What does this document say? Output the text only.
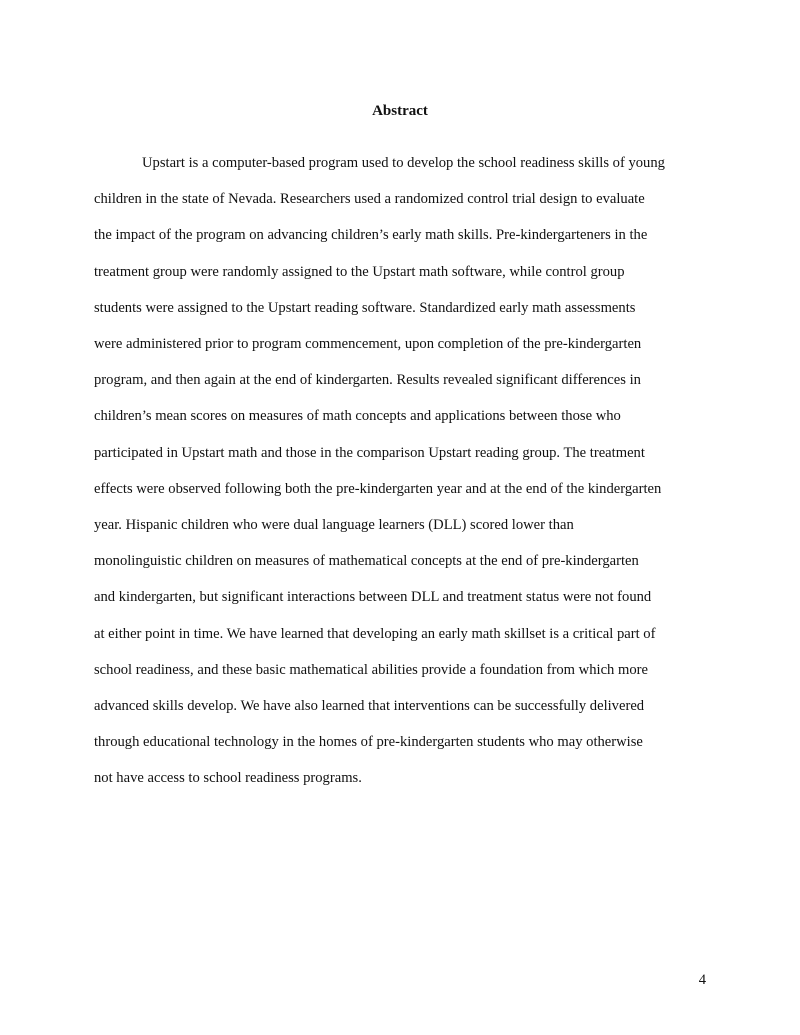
Abstract
Upstart is a computer-based program used to develop the school readiness skills of young
children in the state of Nevada. Researchers used a randomized control trial design to evaluate
the impact of the program on advancing children’s early math skills. Pre-kindergarteners in the
treatment group were randomly assigned to the Upstart math software, while control group
students were assigned to the Upstart reading software. Standardized early math assessments
were administered prior to program commencement, upon completion of the pre-kindergarten
program, and then again at the end of kindergarten. Results revealed significant differences in
children’s mean scores on measures of math concepts and applications between those who
participated in Upstart math and those in the comparison Upstart reading group. The treatment
effects were observed following both the pre-kindergarten year and at the end of the kindergarten
year. Hispanic children who were dual language learners (DLL) scored lower than
monolinguistic children on measures of mathematical concepts at the end of pre-kindergarten
and kindergarten, but significant interactions between DLL and treatment status were not found
at either point in time. We have learned that developing an early math skillset is a critical part of
school readiness, and these basic mathematical abilities provide a foundation from which more
advanced skills develop. We have also learned that interventions can be successfully delivered
through educational technology in the homes of pre-kindergarten students who may otherwise
not have access to school readiness programs.
4
